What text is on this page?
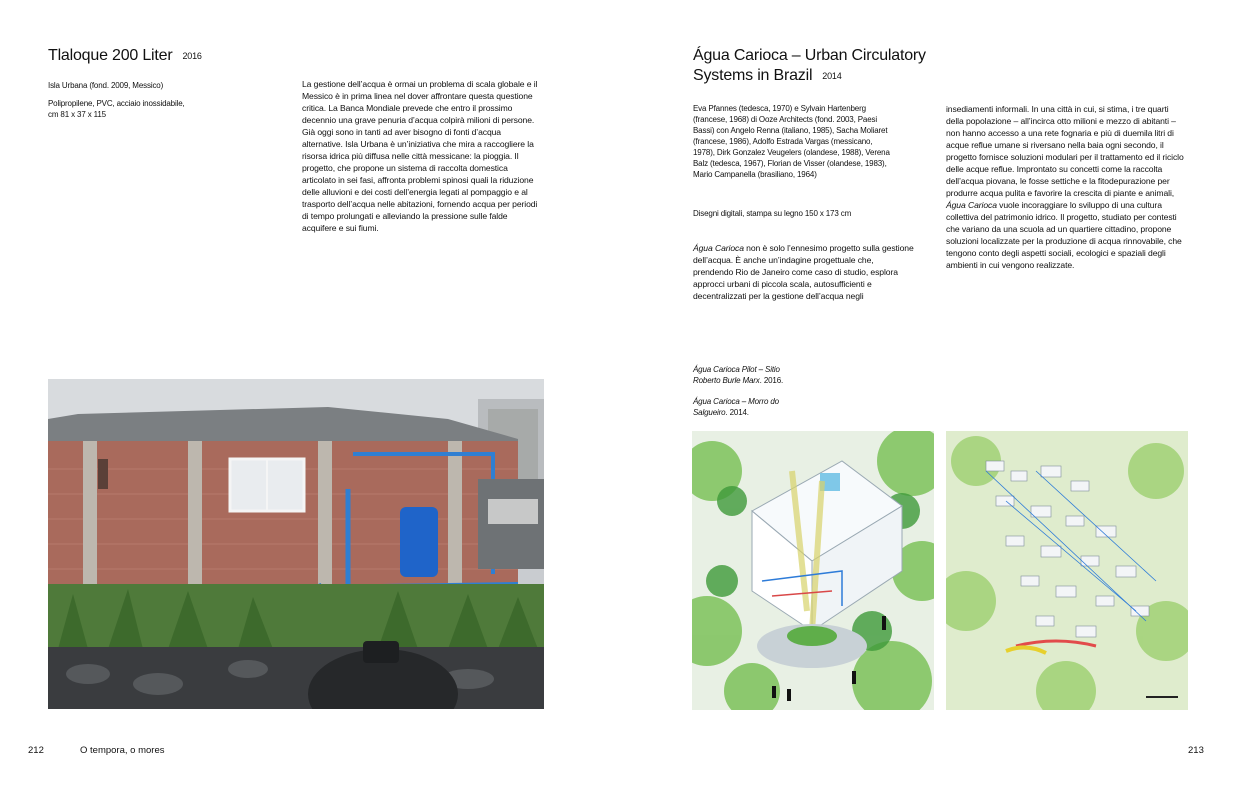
Tlaloque 200 Liter 2016
Isla Urbana (fond. 2009, Messico)
Polipropilene, PVC, acciaio inossidabile,
cm 81 x 37 x 115
La gestione dell’acqua è ormai un problema di scala globale e il Messico è in prima linea nel dover affrontare questa questione critica. La Banca Mondiale prevede che entro il prossimo decennio una grave penuria d’acqua colpirà milioni di persone. Già oggi sono in tanti ad aver bisogno di fonti d’acqua alternative. Isla Urbana è un’iniziativa che mira a raccogliere la risorsa idrica più diffusa nelle città messicane: la pioggia. Il progetto, che propone un sistema di raccolta domestica articolato in sei fasi, affronta problemi spinosi quali la riduzione delle alluvioni e dei costi dell’energia legati al pompaggio e al trasporto dell’acqua nelle abitazioni, fornendo acqua per periodi di tempo prolungati e alleviando la pressione sulle falde acquifere e sui fiumi.
Água Carioca – Urban Circulatory
Systems in Brazil 2014
Eva Pfannes (tedesca, 1970) e Sylvain Hartenberg (francese, 1968) di Ooze Architects (fond. 2003, Paesi Bassi) con Angelo Renna (italiano, 1985), Sacha Moliaret (francese, 1986), Adolfo Estrada Vargas (messicano, 1978), Dirk Gonzalez Veugelers (olandese, 1988), Verena Balz (tedesca, 1967), Florian de Visser (olandese, 1983), Mario Campanella (brasiliano, 1964)
Disegni digitali, stampa su legno 150 x 173 cm
Água Carioca non è solo l’ennesimo progetto sulla gestione dell’acqua. È anche un’indagine progettuale che, prendendo Rio de Janeiro come caso di studio, esplora approcci urbani di piccola scala, autosufficienti e decentralizzati per la gestione dell’acqua negli
insediamenti informali. In una città in cui, si stima, i tre quarti della popolazione – all’incirca otto milioni e mezzo di abitanti – non hanno accesso a una rete fognaria e più di duemila litri di acque reflue umane si riversano nella baia ogni secondo, il progetto fornisce soluzioni modulari per il trattamento ed il riciclo delle acque reflue. Improntato su concetti come la raccolta dell’acqua piovana, le fosse settiche e la fitodepurazione per produrre acqua pulita e favorire la crescita di piante e animali, Água Carioca vuole incoraggiare lo sviluppo di una cultura collettiva del patrimonio idrico. Il progetto, studiato per contesti che variano da una scuola ad un quartiere cittadino, propone soluzioni localizzate per la produzione di acqua rinnovabile, che tengono conto degli aspetti sociali, ecologici e spaziali degli ambienti in cui vengono realizzate.
Água Carioca Pilot – Sitio Roberto Burle Marx. 2016.
Água Carioca – Morro do Salgueiro. 2014.
212	O tempora, o mores	213
